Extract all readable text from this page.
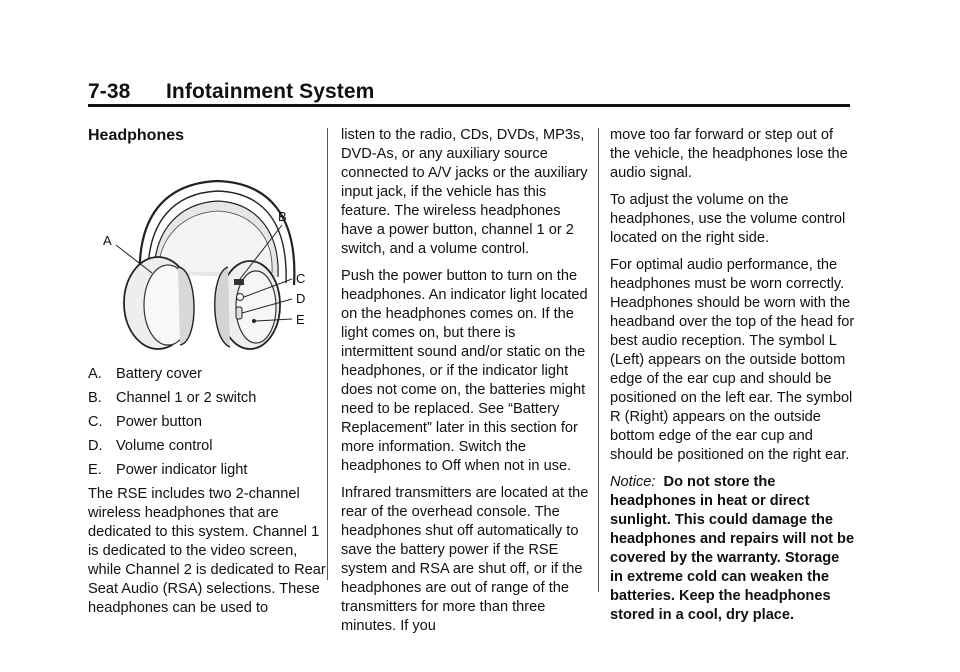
7-38	Infotainment System
Headphones
A
B
C
D
E
A. Battery cover
B. Channel 1 or 2 switch
C. Power button
D. Volume control
E. Power indicator light

The RSE includes two 2-channel wireless headphones that are dedicated to this system. Channel 1 is dedicated to the video screen, while Channel 2 is dedicated to Rear Seat Audio (RSA) selections. These headphones can be used to

listen to the radio, CDs, DVDs, MP3s, DVD-As, or any auxiliary source connected to A/V jacks or the auxiliary input jack, if the vehicle has this feature. The wireless headphones have a power button, channel 1 or 2 switch, and a volume control.

Push the power button to turn on the headphones. An indicator light located on the headphones comes on. If the light comes on, but there is intermittent sound and/or static on the headphones, or if the indicator light does not come on, the batteries might need to be replaced. See “Battery Replacement” later in this section for more information. Switch the headphones to Off when not in use.

Infrared transmitters are located at the rear of the overhead console. The headphones shut off automatically to save the battery power if the RSE system and RSA are shut off, or if the headphones are out of range of the transmitters for more than three minutes. If you

move too far forward or step out of the vehicle, the headphones lose the audio signal.

To adjust the volume on the headphones, use the volume control located on the right side.

For optimal audio performance, the headphones must be worn correctly. Headphones should be worn with the headband over the top of the head for best audio reception. The symbol L (Left) appears on the outside bottom edge of the ear cup and should be positioned on the left ear. The symbol R (Right) appears on the outside bottom edge of the ear cup and should be positioned on the right ear.

Notice: Do not store the headphones in heat or direct sunlight. This could damage the headphones and repairs will not be covered by the warranty. Storage in extreme cold can weaken the batteries. Keep the headphones stored in a cool, dry place.
